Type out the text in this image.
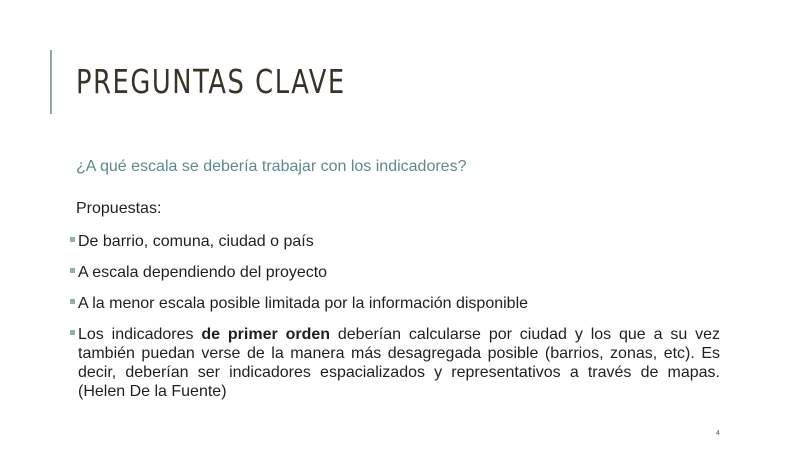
PREGUNTAS CLAVE

¿A qué escala se debería trabajar con los indicadores?

Propuestas:

De barrio, comuna, ciudad o país
A escala dependiendo del proyecto
A la menor escala posible limitada por la información disponible
Los indicadores de primer orden deberían calcularse por ciudad y los que a su vez también puedan verse de la manera más desagregada posible (barrios, zonas, etc). Es decir, deberían ser indicadores espacializados y representativos a través de mapas. (Helen De la Fuente)
4
